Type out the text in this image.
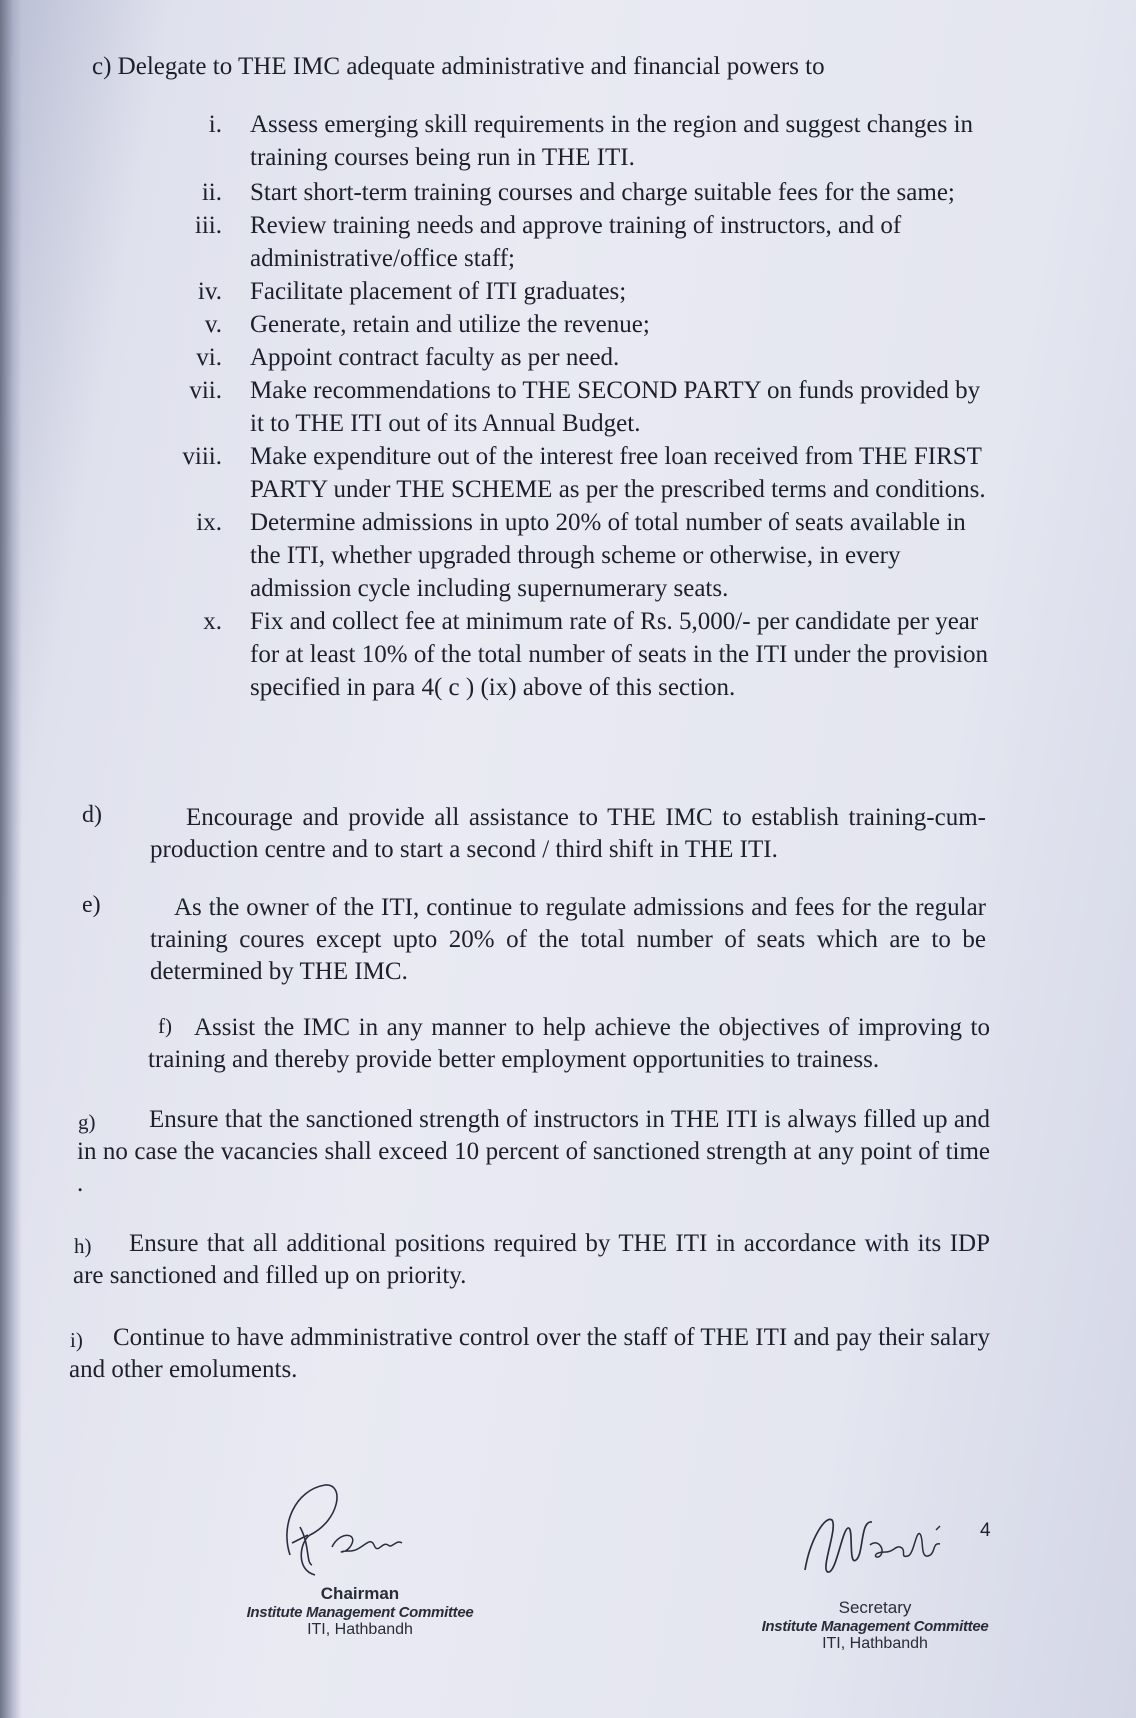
c) Delegate to THE IMC adequate administrative and financial powers to
i.	Assess emerging skill requirements in the region and suggest changes in training courses being run in THE ITI.
ii.	Start short-term training courses and charge suitable fees for the same;
iii.	Review training needs and approve training of instructors, and of administrative/office staff;
iv.	Facilitate placement of ITI graduates;
v.	Generate, retain and utilize the revenue;
vi.	Appoint contract faculty as per need.
vii.	Make recommendations to THE SECOND PARTY on funds provided by it to THE ITI out of its Annual Budget.
viii.	Make expenditure out of the interest free loan received from THE FIRST PARTY under THE SCHEME as per the prescribed terms and conditions.
ix.	Determine admissions in upto 20% of total number of seats available in the ITI, whether upgraded through scheme or otherwise, in every admission cycle including supernumerary seats.
x.	Fix and collect fee at minimum rate of Rs. 5,000/- per candidate per year for at least 10% of the total number of seats in the ITI under the provision specified in para 4( c ) (ix) above of this section.
d)	Encourage and provide all assistance to THE IMC to establish training-cum-production centre and to start a second / third shift in THE ITI.
e)	As the owner of the ITI, continue to regulate admissions and fees for the regular training coures except upto 20% of the total number of seats which are to be determined by THE IMC.
f) Assist the IMC in any manner to help achieve the objectives of improving to training and thereby provide better employment opportunities to trainess.
g)	Ensure that the sanctioned strength of instructors in THE ITI is always filled up and in no case the vacancies shall exceed 10 percent of sanctioned strength at any point of time .
h)	Ensure that all additional positions required by THE ITI in accordance with its IDP are sanctioned and filled up on priority.
i)	Continue to have admministrative control over the staff of THE ITI and pay their salary and other emoluments.
Chairman
Institute Management Committee
ITI, Hathbandh
4
Secretary
Institute Management Committee
ITI, Hathbandh
